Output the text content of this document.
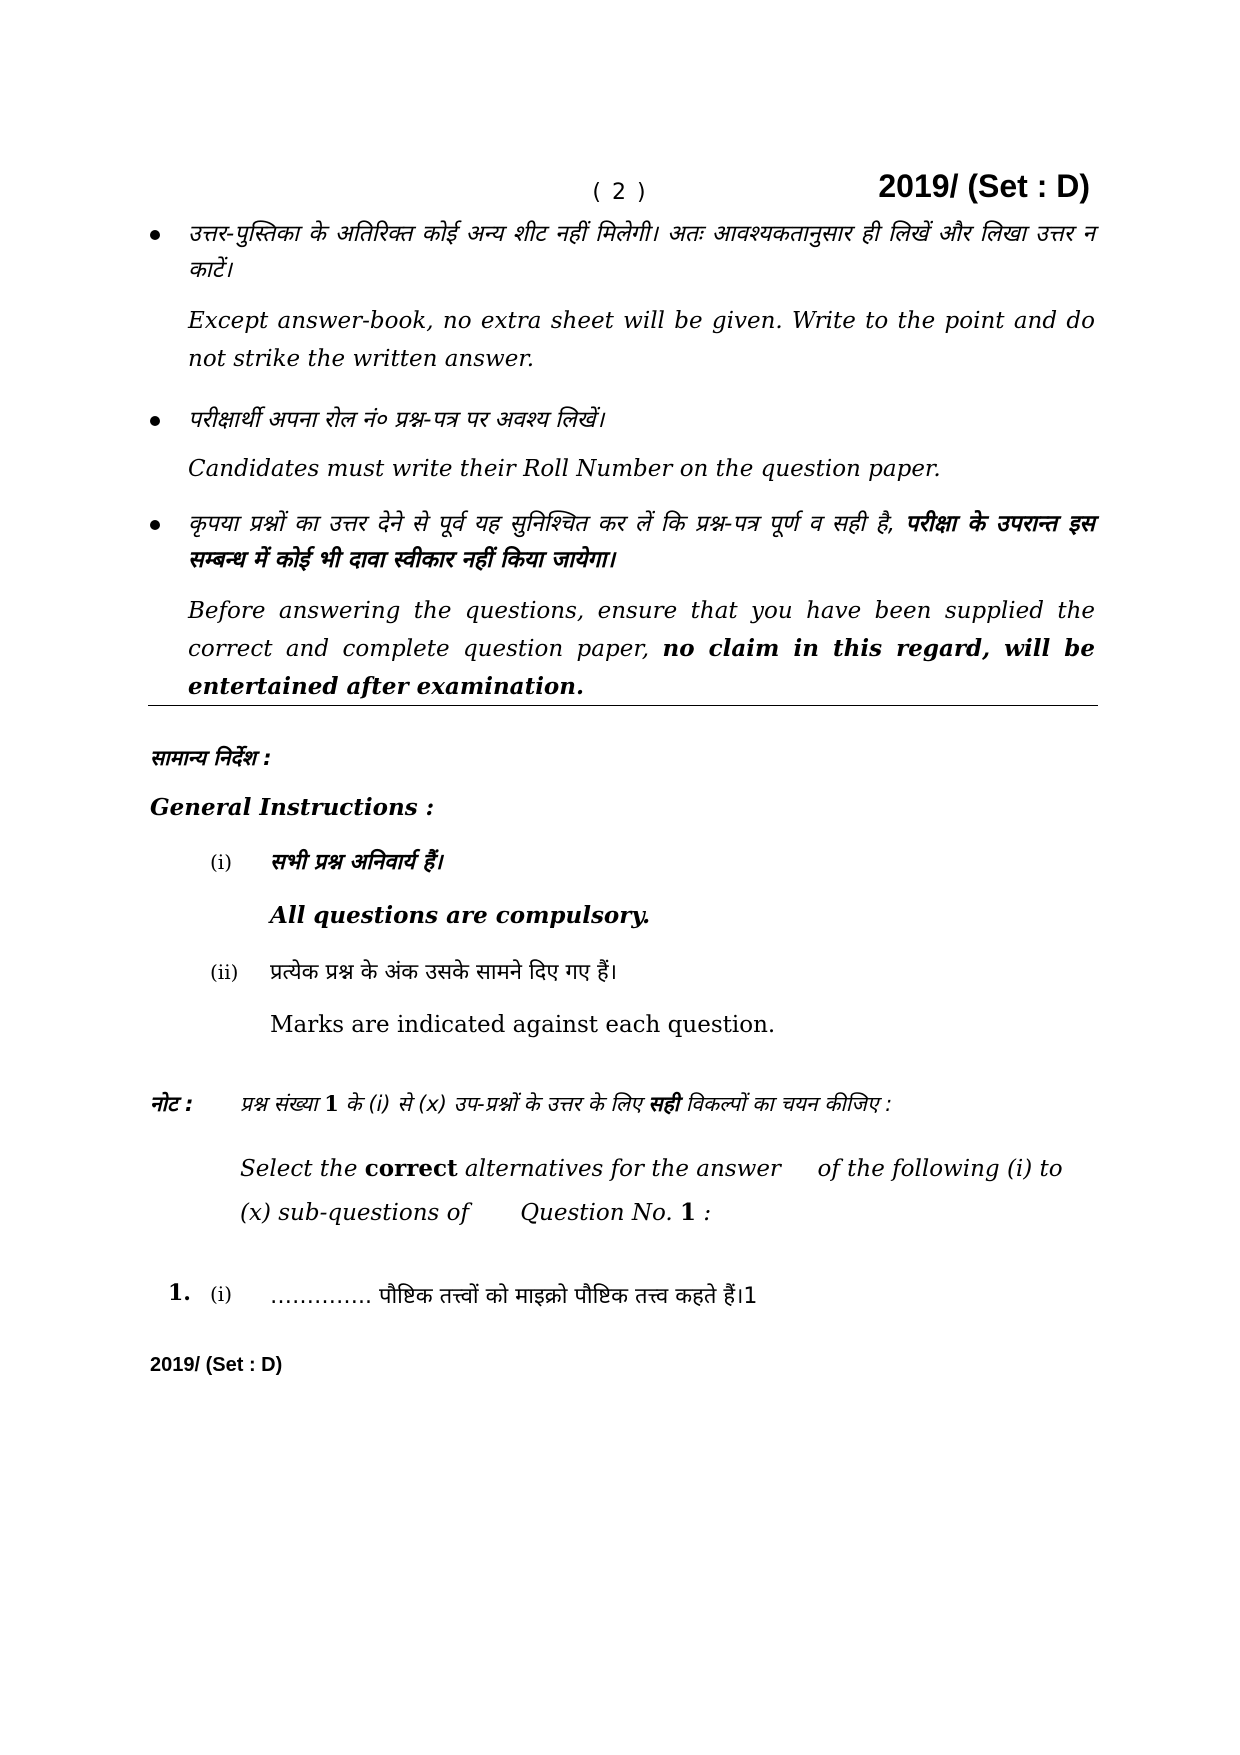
( 2 )	2019/ (Set : D)
उत्तर-पुस्तिका के अतिरिक्त कोई अन्य शीट नहीं मिलेगी। अतः आवश्यकतानुसार ही लिखें और लिखा उत्तर न काटें।
Except answer-book, no extra sheet will be given. Write to the point and do not strike the written answer.
परीक्षार्थी अपना रोल नं० प्रश्न-पत्र पर अवश्य लिखें।
Candidates must write their Roll Number on the question paper.
कृपया प्रश्नों का उत्तर देने से पूर्व यह सुनिश्चित कर लें कि प्रश्न-पत्र पूर्ण व सही है, परीक्षा के उपरान्त इस सम्बन्ध में कोई भी दावा स्वीकार नहीं किया जायेगा।
Before answering the questions, ensure that you have been supplied the correct and complete question paper, no claim in this regard, will be entertained after examination.
सामान्य निर्देश :
General Instructions :
(i) सभी प्रश्न अनिवार्य हैं।
All questions are compulsory.
(ii) प्रत्येक प्रश्न के अंक उसके सामने दिए गए हैं।
Marks are indicated against each question.
नोट : प्रश्न संख्या 1 के (i) से (x) उप-प्रश्नों के उत्तर के लिए सही विकल्पों का चयन कीजिए :
Select the correct alternatives for the answer     of the following (i) to (x) sub-questions of       Question No. 1 :
1. (i) ………….. पौष्टिक तत्त्वों को माइक्रो पौष्टिक तत्त्व कहते हैं।1
2019/ (Set : D)
